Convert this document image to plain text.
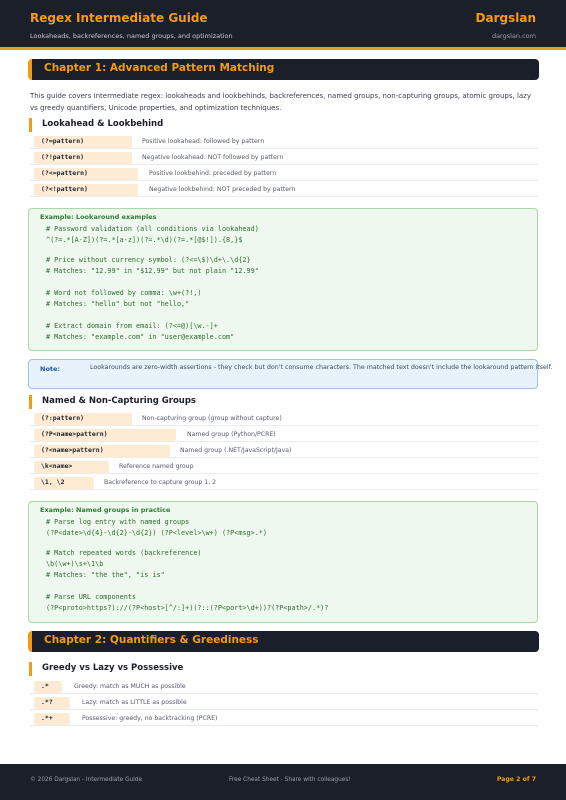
Regex Intermediate Guide
Lookaheads, backreferences, named groups, and optimization
Dargslan
dargslan.com
Chapter 1: Advanced Pattern Matching
This guide covers intermediate regex: lookaheads and lookbehinds, backreferences, named groups, non-capturing groups, atomic groups, lazy vs greedy quantifiers, Unicode properties, and optimization techniques.
Lookahead & Lookbehind
(?=pattern)	Positive lookahead: followed by pattern
(?!pattern)	Negative lookahead: NOT followed by pattern
(?<=pattern)	Positive lookbehind: preceded by pattern
(?<!pattern)	Negative lookbehind: NOT preceded by pattern
Example: Lookaround examples
# Password validation (all conditions via lookahead)
^(?=.*[A-Z])(?=.*[a-z])(?=.*\d)(?=.*[@$!]).{8,}$
# Price without currency symbol: (?<=\$)\d+\.\d{2}
# Matches: "12.99" in "$12.99" but not plain "12.99"
# Word not followed by comma: \w+(?!,)
# Matches: "hello" but not "hello,"
# Extract domain from email: (?<=@)[\w.-]+
# Matches: "example.com" in "user@example.com"
Note:	Lookarounds are zero-width assertions - they check but don't consume characters. The matched text doesn't include the lookaround pattern itself.
Named & Non-Capturing Groups
(?:pattern)	Non-capturing group (group without capture)
(?P<name>pattern)	Named group (Python/PCRE)
(?<name>pattern)	Named group (.NET/JavaScript/Java)
\k<name>	Reference named group
\1, \2	Backreference to capture group 1, 2
Example: Named groups in practice
# Parse log entry with named groups
(?P<date>\d{4}-\d{2}-\d{2}) (?P<level>\w+) (?P<msg>.*)
# Match repeated words (backreference)
\b(\w+)\s+\1\b
# Matches: "the the", "is is"
# Parse URL components
(?P<proto>https?)://(?P<host>[^/:]+)(?::(?P<port>\d+))?(?P<path>/.*)?
Chapter 2: Quantifiers & Greediness
Greedy vs Lazy vs Possessive
.*	Greedy: match as MUCH as possible
.*?	Lazy: match as LITTLE as possible
.*+	Possessive: greedy, no backtracking (PCRE)
© 2026 Dargslan - Intermediate Guide	Free Cheat Sheet - Share with colleagues!	Page 2 of 7
